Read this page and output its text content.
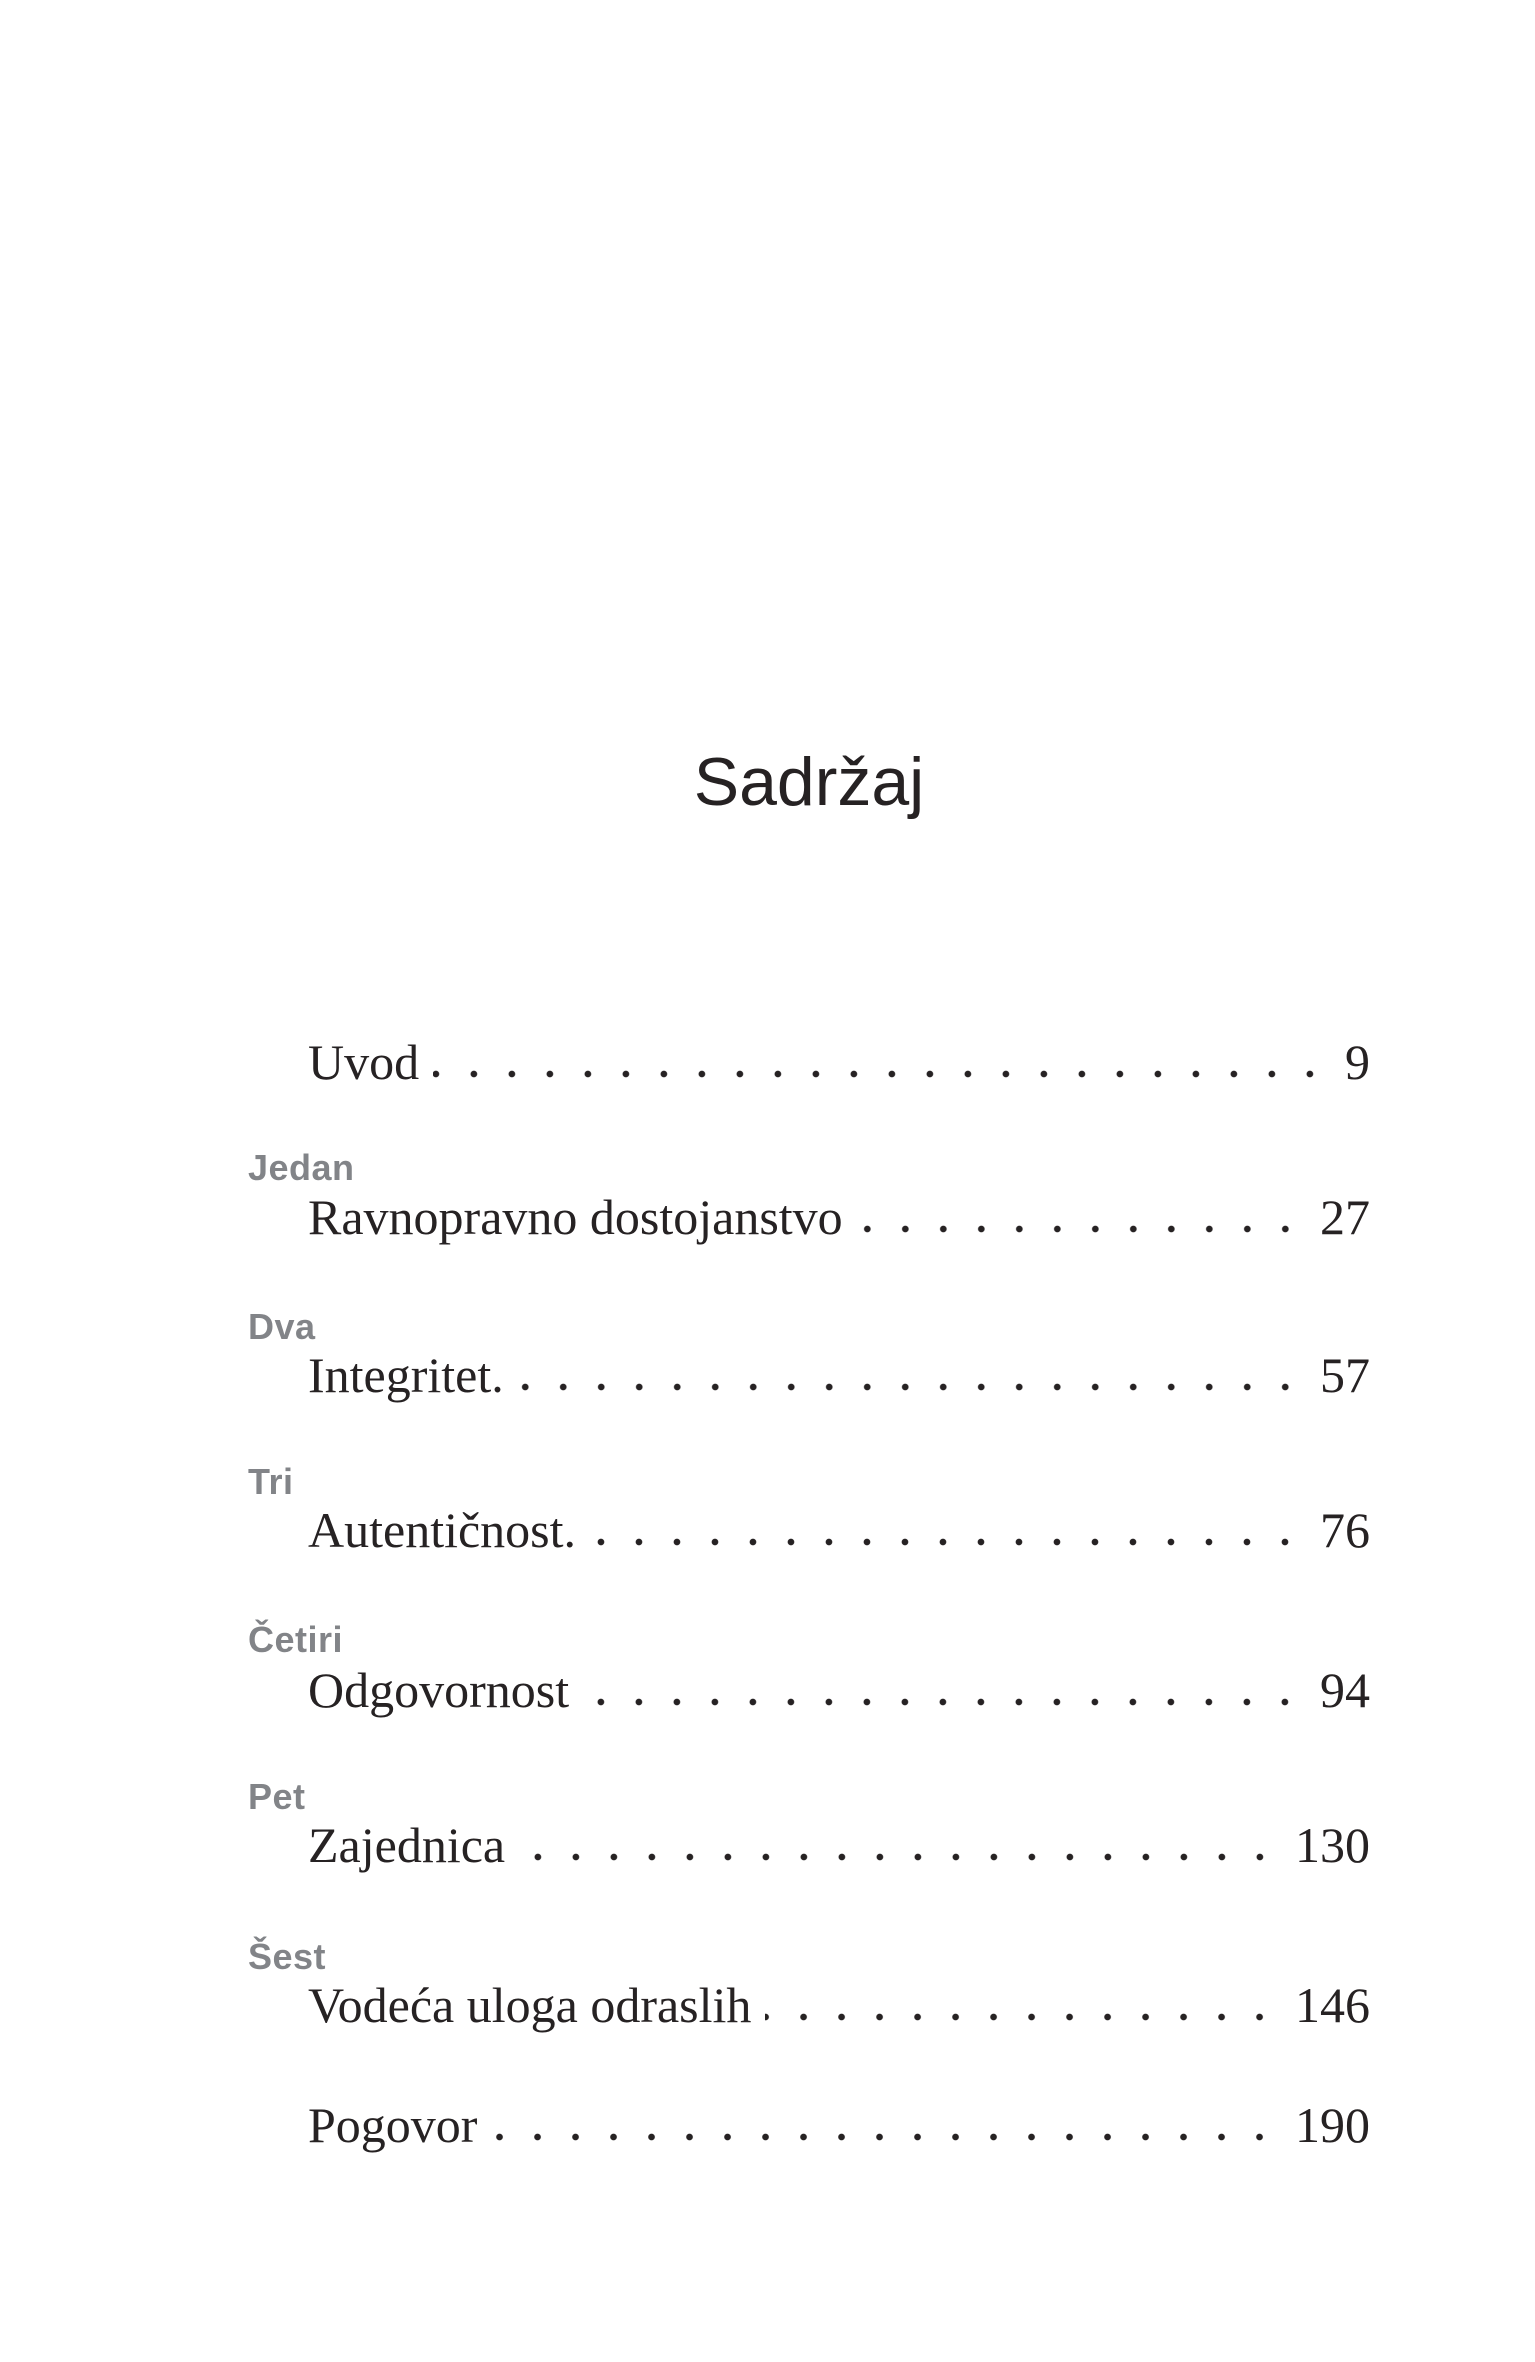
Sadržaj
Uvod	9
Jedan
Ravnopravno dostojanstvo	27
Dva
Integritet.	57
Tri
Autentičnost.	76
Četiri
Odgovornost	94
Pet
Zajednica	130
Šest
Vodeća uloga odraslih	146
Pogovor	190
